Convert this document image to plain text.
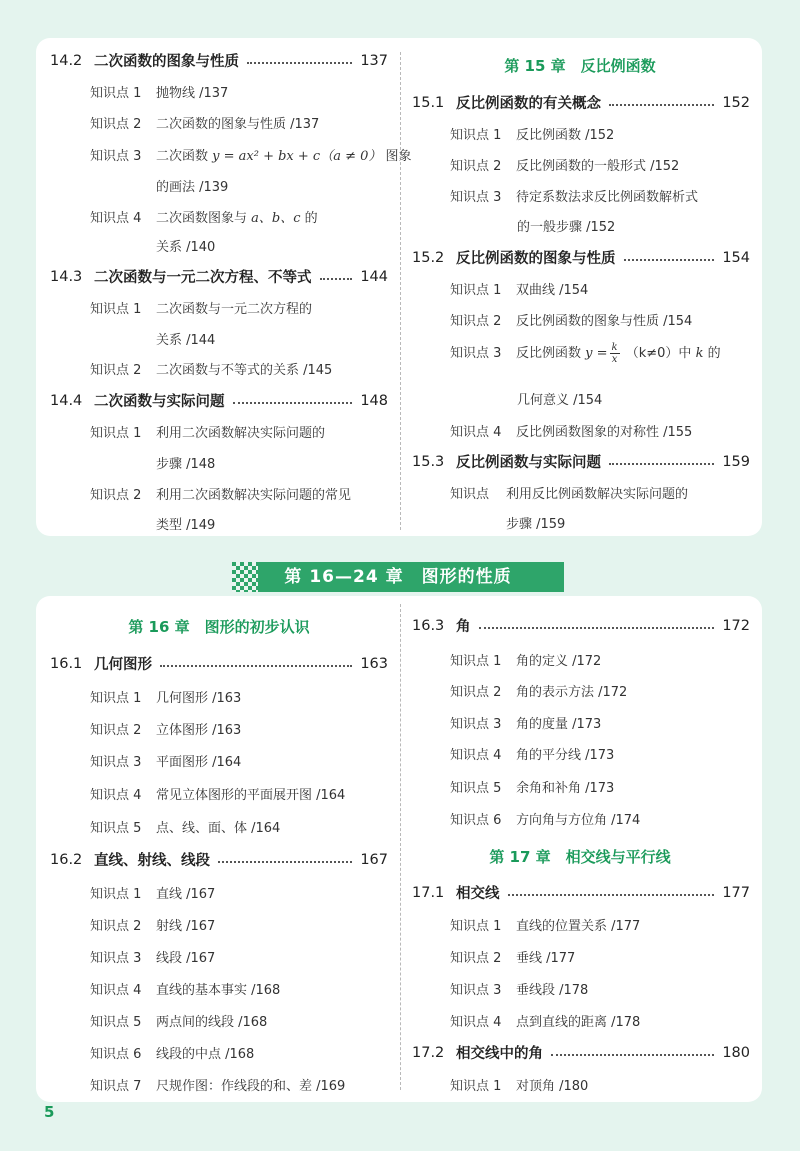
14.2 二次函数的图象与性质	137
知识点 1 抛物线 /137
知识点 2 二次函数的图象与性质 /137
知识点 3 二次函数 y = ax² + bx + c（a ≠ 0） 图象
的画法 /139
知识点 4 二次函数图象与 a、b、c 的
关系 /140
14.3 二次函数与一元二次方程、不等式	144
知识点 1 二次函数与一元二次方程的
关系 /144
知识点 2 二次函数与不等式的关系 /145
14.4 二次函数与实际问题	148
知识点 1 利用二次函数解决实际问题的
步骤 /148
知识点 2 利用二次函数解决实际问题的常见
类型 /149
第 15 章　反比例函数
15.1 反比例函数的有关概念	152
知识点 1 反比例函数 /152
知识点 2 反比例函数的一般形式 /152
知识点 3 待定系数法求反比例函数解析式
的一般步骤 /152
15.2 反比例函数的图象与性质	154
知识点 1 双曲线 /154
知识点 2 反比例函数的图象与性质 /154
知识点 3 反比例函数 $y = \frac{k}{x} (k\ne 0)$中 k 的
几何意义 /154
知识点 4 反比例函数图象的对称性 /155
15.3 反比例函数与实际问题	159
知识点 利用反比例函数解决实际问题的
步骤 /159
第 16—24 章　图形的性质
第 16 章　图形的初步认识
16.1 几何图形	163
知识点 1 几何图形 /163
知识点 2 立体图形 /163
知识点 3 平面图形 /164
知识点 4 常见立体图形的平面展开图 /164
知识点 5 点、线、面、体 /164
16.2 直线、射线、线段	167
知识点 1 直线 /167
知识点 2 射线 /167
知识点 3 线段 /167
知识点 4 直线的基本事实 /168
知识点 5 两点间的线段 /168
知识点 6 线段的中点 /168
知识点 7 尺规作图：作线段的和、差 /169
16.3 角	172
知识点 1 角的定义 /172
知识点 2 角的表示方法 /172
知识点 3 角的度量 /173
知识点 4 角的平分线 /173
知识点 5 余角和补角 /173
知识点 6 方向角与方位角 /174
第 17 章　相交线与平行线
17.1 相交线	177
知识点 1 直线的位置关系 /177
知识点 2 垂线 /177
知识点 3 垂线段 /178
知识点 4 点到直线的距离 /178
17.2 相交线中的角	180
知识点 1 对顶角 /180
5
